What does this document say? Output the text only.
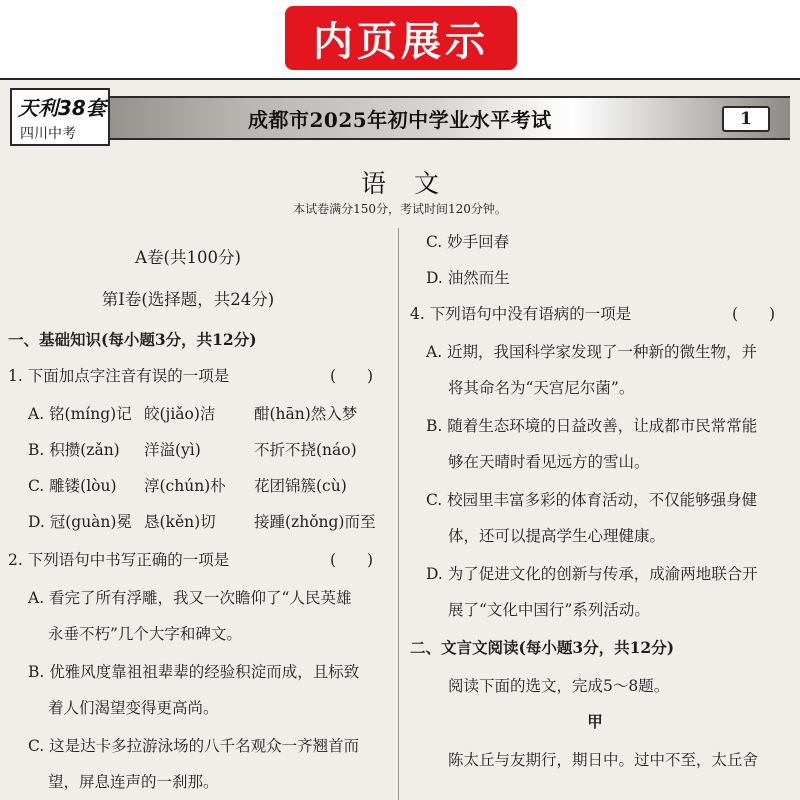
内页展示
天利38套
四川中考
成都市2025年初中学业水平考试	1
语文
本试卷满分150分，考试时间120分钟。
A卷(共100分)
第Ⅰ卷(选择题，共24分)
一、基础知识(每小题3分，共12分)
1. 下面加点字注音有误的一项是	(　　)
A. 铭(míng)记 皎(jiǎo)洁 酣(hān)然入梦
B. 积攒(zǎn) 洋溢(yì)	不折不挠(náo)
C. 雕镂(lòu) 淳(chún)朴 花团锦簇(cù)
D. 冠(guàn)冕 恳(kěn)切 接踵(zhǒng)而至
2. 下列语句中书写正确的一项是	(　　)
A. 看完了所有浮雕，我又一次瞻仰了“人民英雄
永垂不朽”几个大字和碑文。
B. 优雅风度靠祖祖辈辈的经验积淀而成，且标致
着人们渴望变得更高尚。
C. 这是达卡多拉游泳场的八千名观众一齐翘首而
望，屏息连声的一刹那。
C. 妙手回春
D. 油然而生
4. 下列语句中没有语病的一项是	(　　)
A. 近期，我国科学家发现了一种新的微生物，并
将其命名为“天宫尼尔菌”。
B. 随着生态环境的日益改善，让成都市民常常能
够在天晴时看见远方的雪山。
C. 校园里丰富多彩的体育活动，不仅能够强身健
体，还可以提高学生心理健康。
D. 为了促进文化的创新与传承，成渝两地联合开
展了“文化中国行”系列活动。
二、文言文阅读(每小题3分，共12分)
阅读下面的选文，完成5～8题。
甲
陈太丘与友期行，期日中。过中不至，太丘舍
